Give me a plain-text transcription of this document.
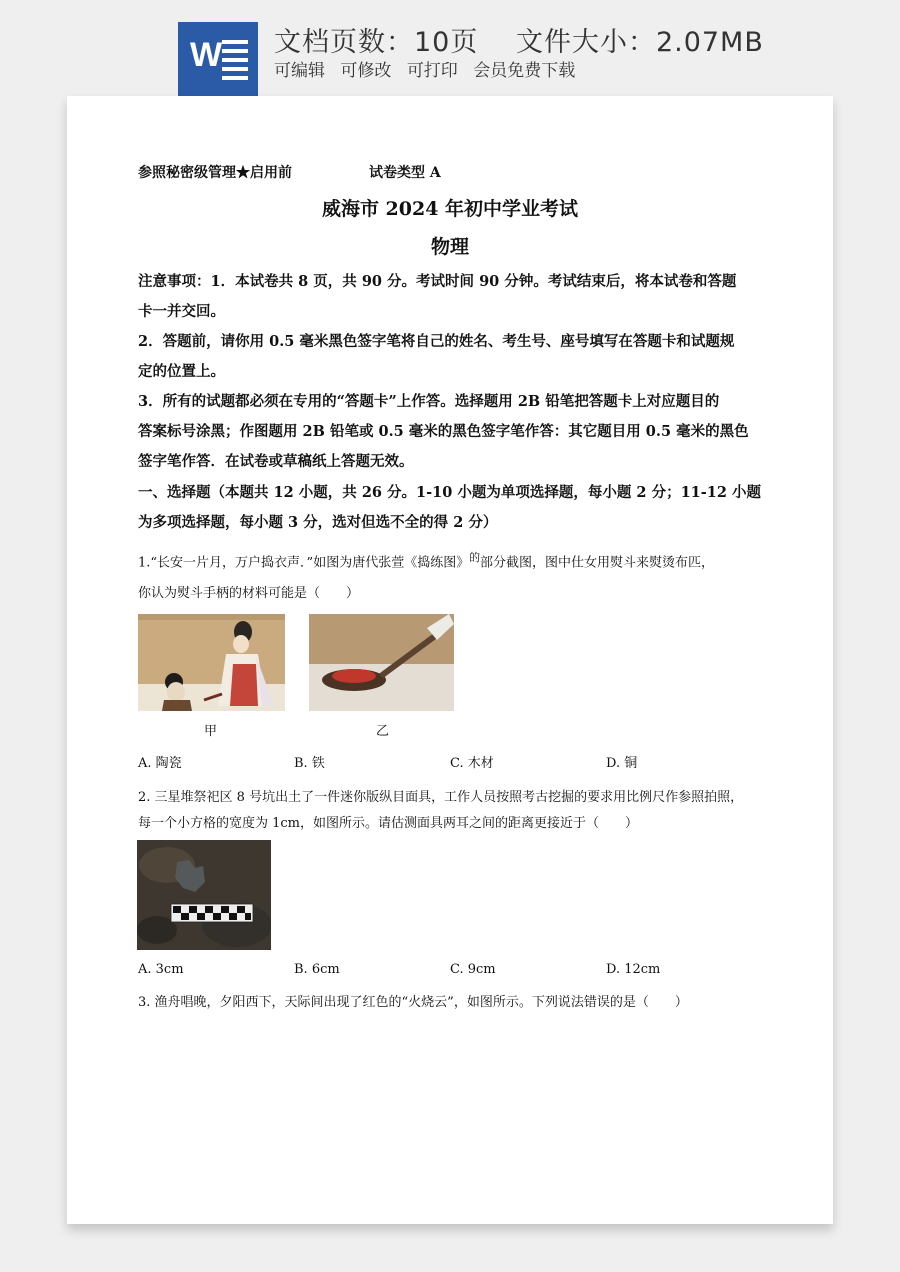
W 文档页数：10页　 文件大小：2.07MB
可编辑 可修改 可打印 会员免费下载
参照秘密级管理★启用前	试卷类型 A
威海市 2024 年初中学业考试
物理
注意事项：1．本试卷共 8 页，共 90 分。考试时间 90 分钟。考试结束后，将本试卷和答题
卡一并交回。
2．答题前，请你用 0.5 毫米黑色签字笔将自己的姓名、考生号、座号填写在答题卡和试题规
定的位置上。
3．所有的试题都必须在专用的“答题卡”上作答。选择题用 2B 铅笔把答题卡上对应题目的
答案标号涂黑；作图题用 2B 铅笔或 0.5 毫米的黑色签字笔作答：其它题目用 0.5 毫米的黑色
签字笔作答．在试卷或草稿纸上答题无效。
一、选择题（本题共 12 小题，共 26 分。1-10 小题为单项选择题，每小题 2 分；11-12 小题
为多项选择题，每小题 3 分，选对但选不全的得 2 分）
1.“长安一片月，万户捣衣声．”如图为唐代张萱《捣练图》$^的$部分截图，图中仕女用熨斗来熨烫布匹，
你认为熨斗手柄的材料可能是（　　）
甲	乙
A. 陶瓷	B. 铁	C. 木材	D. 铜
2. 三星堆祭祀区 8 号坑出土了一件迷你版纵目面具，工作人员按照考古挖掘的要求用比例尺作参照拍照，
每一个小方格的宽度为 1cm，如图所示。请估测面具两耳之间的距离更接近于（　　）
A. 3cm	B. 6cm	C. 9cm	D. 12cm
3. 渔舟唱晚，夕阳西下，天际间出现了红色的“火烧云”，如图所示。下列说法错误的是（　　）
